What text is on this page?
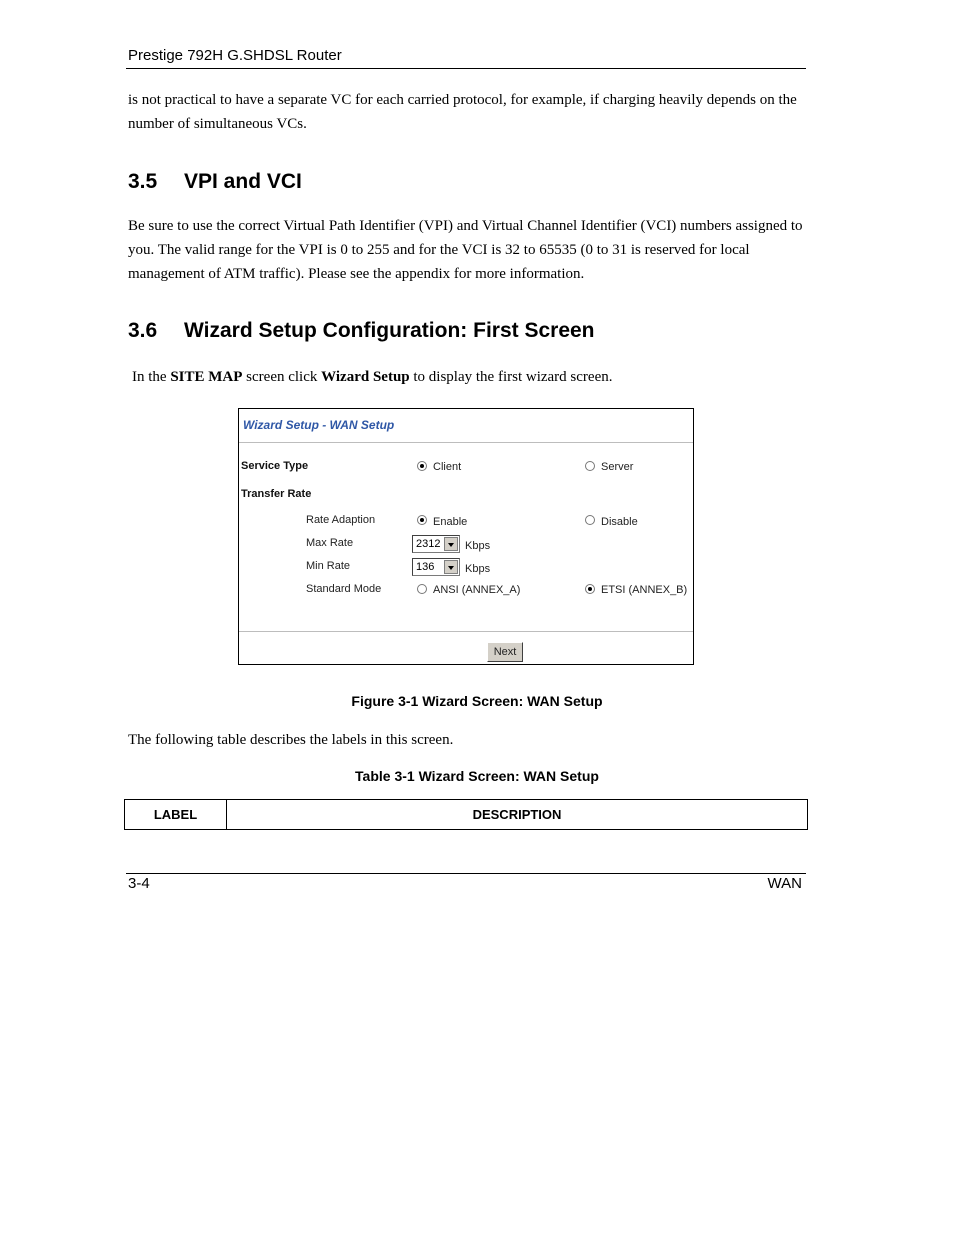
Prestige 792H G.SHDSL Router
is not practical to have a separate VC for each carried protocol, for example, if charging heavily depends on the number of simultaneous VCs.
3.5 VPI and VCI
Be sure to use the correct Virtual Path Identifier (VPI) and Virtual Channel Identifier (VCI) numbers assigned to you. The valid range for the VPI is 0 to 255 and for the VCI is 32 to 65535 (0 to 31 is reserved for local management of ATM traffic). Please see the appendix for more information.
3.6 Wizard Setup Configuration: First Screen
In the SITE MAP screen click Wizard Setup to display the first wizard screen.
Wizard Setup - WAN Setup
Service Type	Client	Server
Transfer Rate
Rate Adaption	Enable	Disable
Max Rate	2312 Kbps
Min Rate	136	Kbps
Standard Mode	ANSI (ANNEX_A)	ETSI (ANNEX_B)
Next
Figure 3-1 Wizard Screen: WAN Setup
The following table describes the labels in this screen.
Table 3-1 Wizard Screen: WAN Setup
LABEL	DESCRIPTION
3-4	WAN
